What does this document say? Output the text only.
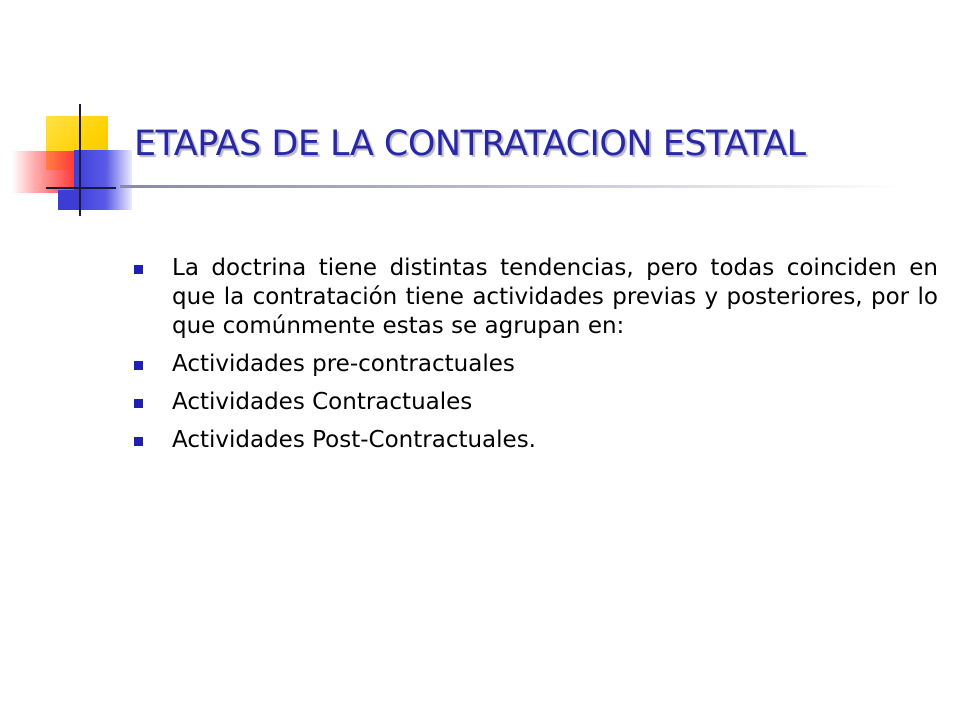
ETAPAS DE LA CONTRATACION ESTATAL
La doctrina tiene distintas tendencias, pero todas coinciden en que la contratación tiene actividades previas y posteriores, por lo que comúnmente estas se agrupan en:
Actividades pre-contractuales
Actividades Contractuales
Actividades Post-Contractuales.
